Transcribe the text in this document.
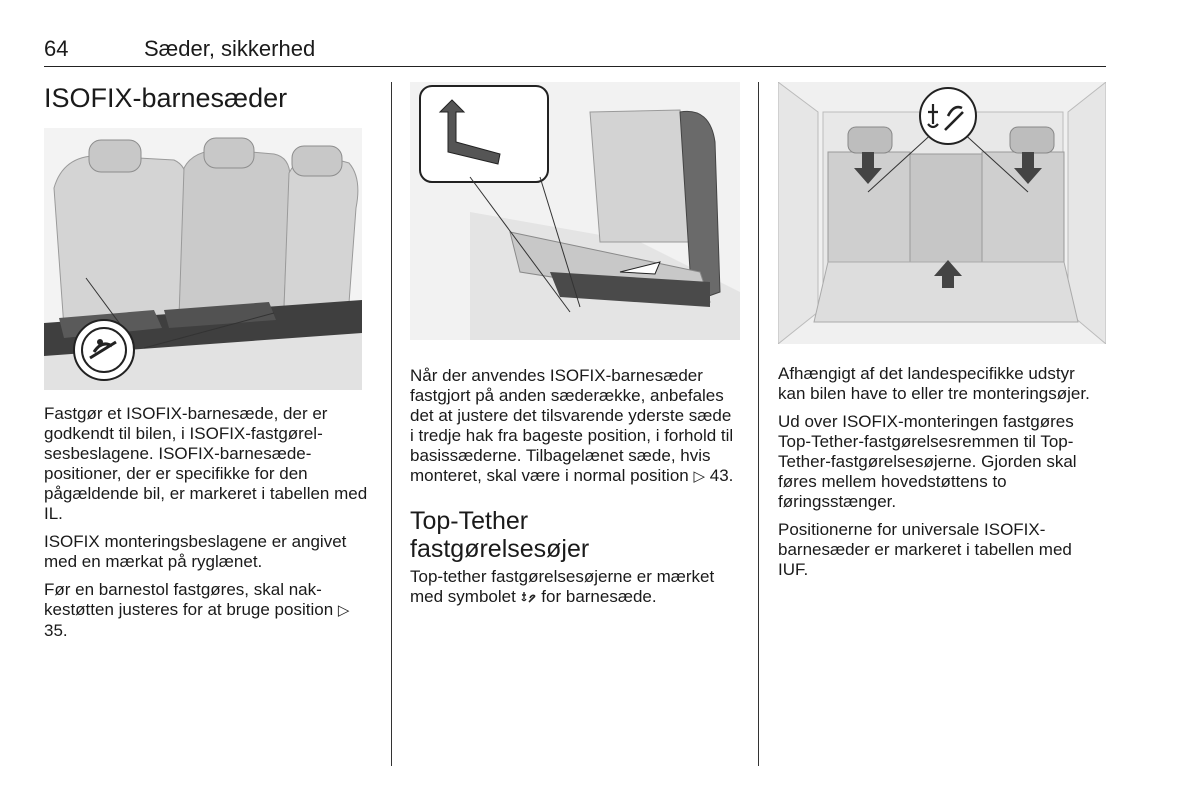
64	Sæder, sikkerhed
ISOFIX-barnesæder

Fastgør et ISOFIX-barnesæde, der er godkendt til bilen, i ISOFIX-fastgørelsesbeslagene. ISOFIX-barnesædepositioner, der er specifikke for den pågældende bil, er markeret i tabellen med IL.

ISOFIX monteringsbeslagene er angivet med en mærkat på ryglænet.

Før en barnestol fastgøres, skal nakkestøtten justeres for at bruge position ▷ 35.

Når der anvendes ISOFIX-barnesæder fastgjort på anden sæderække, anbefales det at justere det tilsvarende yderste sæde i tredje hak fra bageste position, i forhold til basissæderne. Tilbagelænet sæde, hvis monteret, skal være i normal position ▷ 43.

Top-Tether
fastgørelsesøjer

Top-tether fastgørelsesøjerne er mærket med symbolet for barnesæde.

Afhængigt af det landespecifikke udstyr kan bilen have to eller tre monteringsøjer.

Ud over ISOFIX-monteringen fastgøres Top-Tether-fastgørelsesremmen til Top-Tether-fastgørelsesøjerne. Gjorden skal føres mellem hovedstøttens to føringsstænger.

Positionerne for universale ISOFIX-barnesæder er markeret i tabellen med IUF.
